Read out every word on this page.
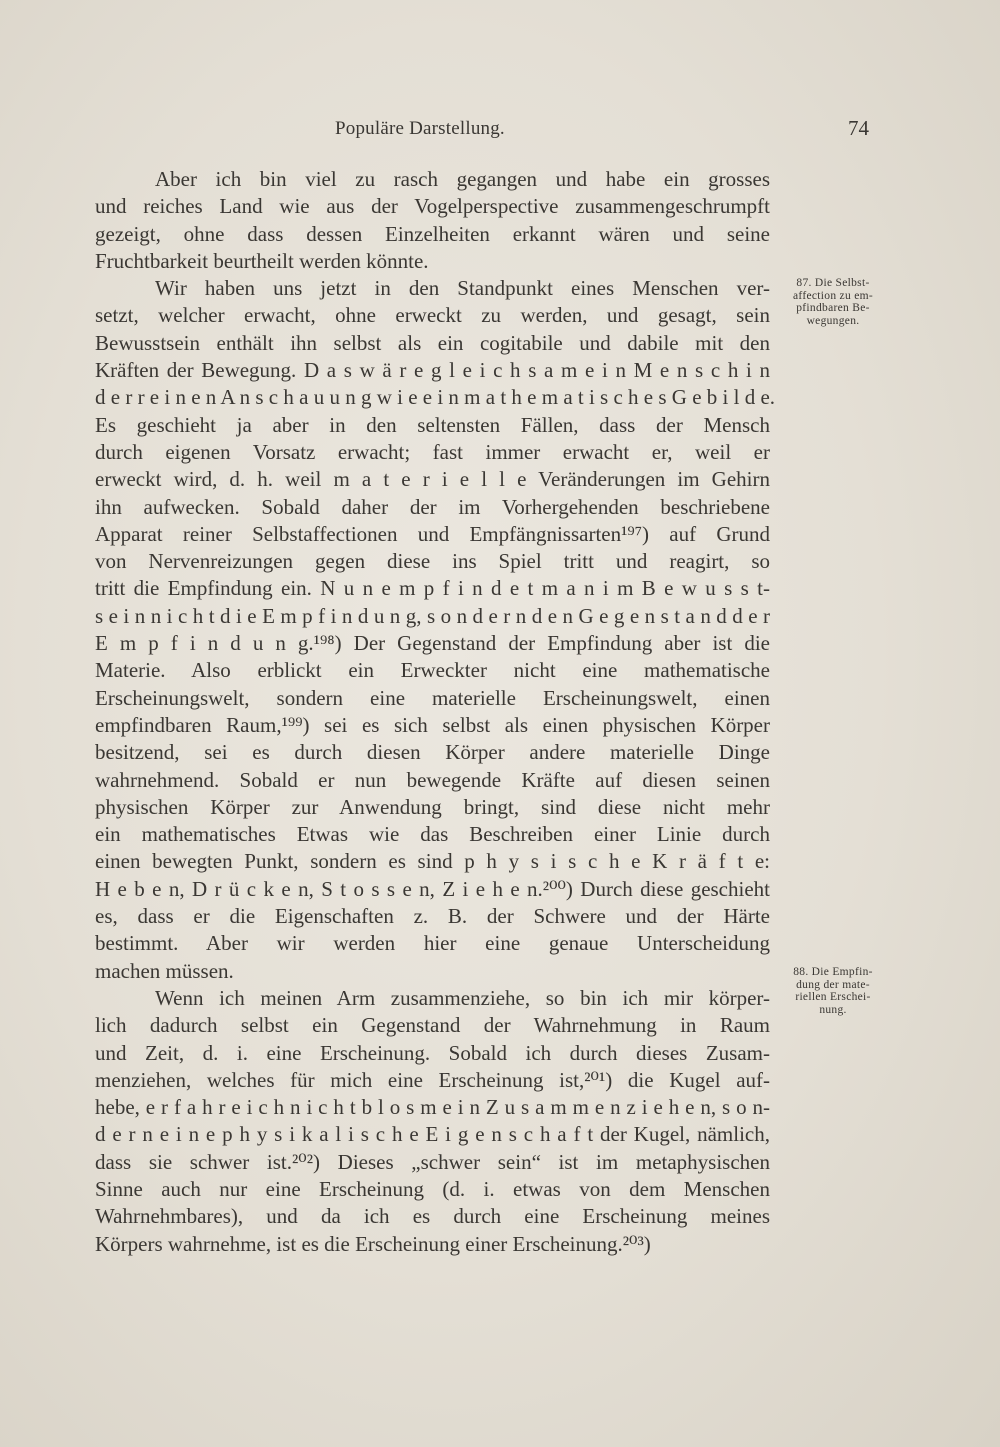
Populäre Darstellung.	74
Aber ich bin viel zu rasch gegangen und habe ein grosses
und reiches Land wie aus der Vogelperspective zusammengeschrumpft
gezeigt, ohne dass dessen Einzelheiten erkannt wären und seine
Fruchtbarkeit beurtheilt werden könnte.
Wir haben uns jetzt in den Standpunkt eines Menschen ver-
setzt, welcher erwacht, ohne erweckt zu werden, und gesagt, sein
Bewusstsein enthält ihn selbst als ein cogitabile und dabile mit den
Kräften der Bewegung. D a s w ä r e g l e i c h s a m e i n M e n s c h i n
d e r r e i n e n A n s c h a u u n g w i e e i n m a t h e m a t i s c h e s G e b i l d e.
Es geschieht ja aber in den seltensten Fällen, dass der Mensch
durch eigenen Vorsatz erwacht; fast immer erwacht er, weil er
erweckt wird, d. h. weil m a t e r i e l l e Veränderungen im Gehirn
ihn aufwecken. Sobald daher der im Vorhergehenden beschriebene
Apparat reiner Selbstaffectionen und Empfängnissarten¹⁹⁷) auf Grund
von Nervenreizungen gegen diese ins Spiel tritt und reagirt, so
tritt die Empfindung ein. N u n e m p f i n d e t m a n i m B e w u s s t-
s e i n n i c h t d i e E m p f i n d u n g, s o n d e r n d e n G e g e n s t a n d d e r
E m p f i n d u n g.¹⁹⁸) Der Gegenstand der Empfindung aber ist die
Materie. Also erblickt ein Erweckter nicht eine mathematische
Erscheinungswelt, sondern eine materielle Erscheinungswelt, einen
empfindbaren Raum,¹⁹⁹) sei es sich selbst als einen physischen Körper
besitzend, sei es durch diesen Körper andere materielle Dinge
wahrnehmend. Sobald er nun bewegende Kräfte auf diesen seinen
physischen Körper zur Anwendung bringt, sind diese nicht mehr
ein mathematisches Etwas wie das Beschreiben einer Linie durch
einen bewegten Punkt, sondern es sind p h y s i s c h e K r ä f t e:
H e b e n, D r ü c k e n, S t o s s e n, Z i e h e n.²⁰⁰) Durch diese geschieht
es, dass er die Eigenschaften z. B. der Schwere und der Härte
bestimmt. Aber wir werden hier eine genaue Unterscheidung
machen müssen.
Wenn ich meinen Arm zusammenziehe, so bin ich mir körper-
lich dadurch selbst ein Gegenstand der Wahrnehmung in Raum
und Zeit, d. i. eine Erscheinung. Sobald ich durch dieses Zusam-
menziehen, welches für mich eine Erscheinung ist,²⁰¹) die Kugel auf-
hebe, e r f a h r e i c h n i c h t b l o s m e i n Z u s a m m e n z i e h e n, s o n-
d e r n e i n e p h y s i k a l i s c h e E i g e n s c h a f t der Kugel, nämlich,
dass sie schwer ist.²⁰²) Dieses „schwer sein“ ist im metaphysischen
Sinne auch nur eine Erscheinung (d. i. etwas von dem Menschen
Wahrnehmbares), und da ich es durch eine Erscheinung meines
Körpers wahrnehme, ist es die Erscheinung einer Erscheinung.²⁰³)
87. Die Selbst-
affection zu em-
pfindbaren Be-
wegungen.
88. Die Empfin-
dung der mate-
riellen Erschei-
nung.
